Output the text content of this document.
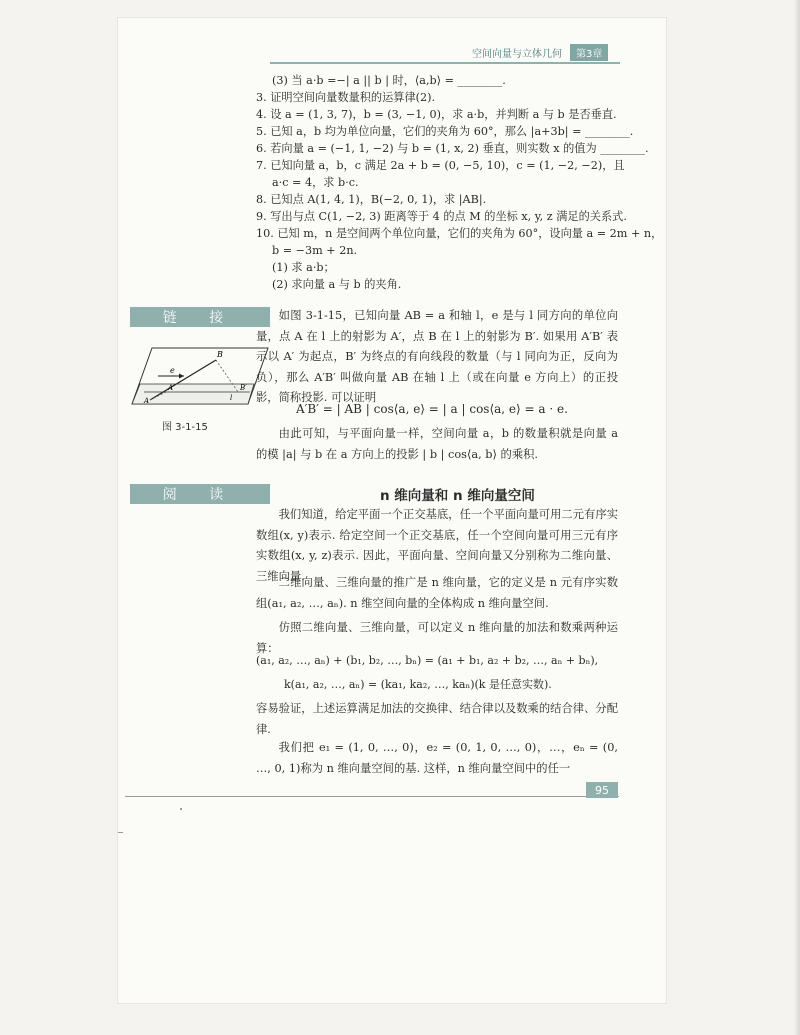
空间向量与立体几何	第3章
(3) 当 a·b =−| a || b | 时，⟨a,b⟩ = ________.
3. 证明空间向量数量积的运算律(2).
4. 设 a = (1, 3, 7)，b = (3, −1, 0)，求 a·b，并判断 a 与 b 是否垂直.
5. 已知 a，b 均为单位向量，它们的夹角为 60°，那么 |a+3b| = ________.
6. 若向量 a = (−1, 1, −2) 与 b = (1, x, 2) 垂直，则实数 x 的值为 ________.
7. 已知向量 a，b，c 满足 2a + b = (0, −5, 10)，c = (1, −2, −2)，且
a·c = 4，求 b·c.
8. 已知点 A(1, 4, 1)，B(−2, 0, 1)，求 |AB|.
9. 写出与点 C(1, −2, 3) 距离等于 4 的点 M 的坐标 x, y, z 满足的关系式.
10. 已知 m，n 是空间两个单位向量，它们的夹角为 60°，设向量 a = 2m + n，
b = −3m + 2n.
(1) 求 a·b；
(2) 求向量 a 与 b 的夹角.
链 接	如图 3-1-15，已知向量 AB = a 和轴 l，e 是与 l 同方向的单位向量，点 A 在 l 上的射影为 A′，点 B 在 l 上的射影为 B′. 如果用 A′B′ 表示以 A′ 为起点，B′ 为终点的有向线段的数量（与 l 同向为正，反向为负），那么 A′B′ 叫做向量 AB 在轴 l 上（或在向量 e 方向上）的正投影，简称投影. 可以证明
B
e
A′	B′
l
A
图 3-1-15
A′B′ = | AB | cos⟨a, e⟩ = | a | cos⟨a, e⟩ = a · e.
由此可知，与平面向量一样，空间向量 a，b 的数量积就是向量 a 的模 |a| 与 b 在 a 方向上的投影 | b | cos⟨a, b⟩ 的乘积.
阅 读	n 维向量和 n 维向量空间
我们知道，给定平面一个正交基底，任一个平面向量可用二元有序实数组(x, y)表示. 给定空间一个正交基底，任一个空间向量可用三元有序实数组(x, y, z)表示. 因此，平面向量、空间向量又分别称为二维向量、三维向量.
二维向量、三维向量的推广是 n 维向量，它的定义是 n 元有序实数组(a₁, a₂, …, aₙ). n 维空间向量的全体构成 n 维向量空间.
仿照二维向量、三维向量，可以定义 n 维向量的加法和数乘两种运算：
(a₁, a₂, …, aₙ) + (b₁, b₂, …, bₙ) = (a₁ + b₁, a₂ + b₂, …, aₙ + bₙ),
k(a₁, a₂, …, aₙ) = (ka₁, ka₂, …, kaₙ)(k 是任意实数).
容易验证，上述运算满足加法的交换律、结合律以及数乘的结合律、分配律.
我们把 e₁ = (1, 0, …, 0)，e₂ = (0, 1, 0, …, 0)，…，eₙ = (0, …, 0, 1)称为 n 维向量空间的基. 这样，n 维向量空间中的任一
95
